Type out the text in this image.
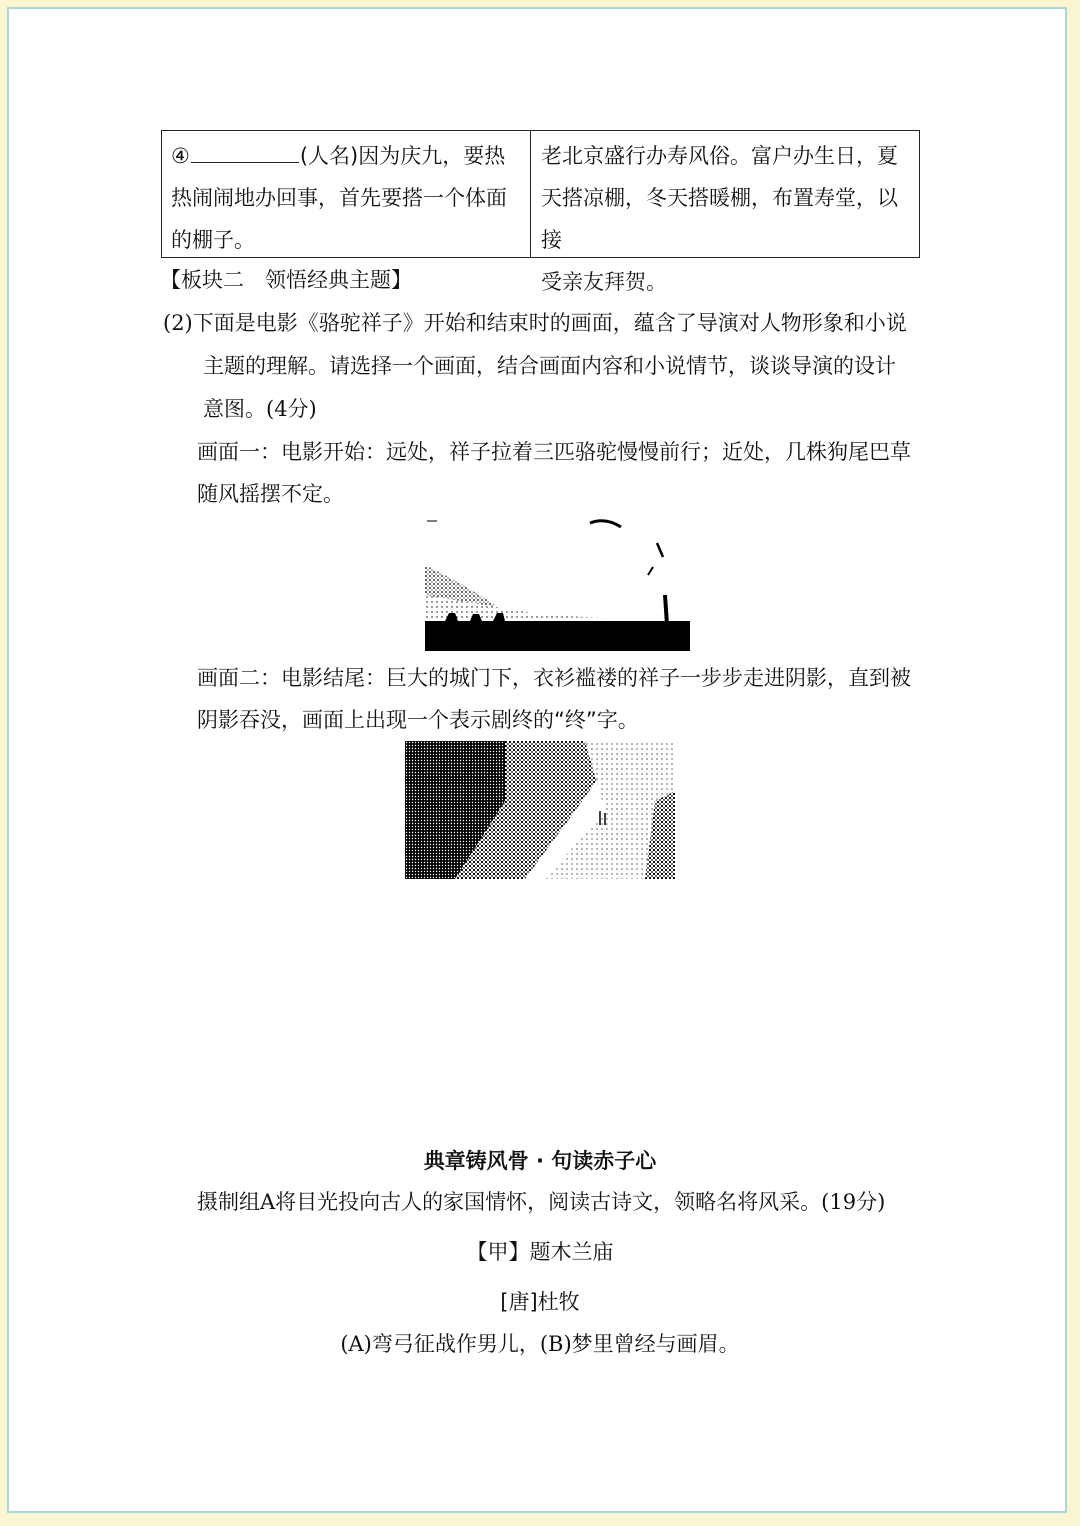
④	(人名)因为庆九，要热
热闹闹地办回事，首先要搭一个体面
的棚子。
老北京盛行办寿风俗。富户办生日，夏
天搭凉棚，冬天搭暖棚，布置寿堂，以接
受亲友拜贺。
【板块二　领悟经典主题】
(2)下面是电影《骆驼祥子》开始和结束时的画面，蕴含了导演对人物形象和小说
主题的理解。请选择一个画面，结合画面内容和小说情节，谈谈导演的设计
意图。(4分)
画面一：电影开始：远处，祥子拉着三匹骆驼慢慢前行；近处，几株狗尾巴草
随风摇摆不定。
画面二：电影结尾：巨大的城门下，衣衫褴褛的祥子一步步走进阴影，直到被
阴影吞没，画面上出现一个表示剧终的“终”字。
典章铸风骨 · 句读赤子心
摄制组A将目光投向古人的家国情怀，阅读古诗文，领略名将风采。(19分)
【甲】题木兰庙
[唐]杜牧
(A)弯弓征战作男儿，(B)梦里曾经与画眉。
